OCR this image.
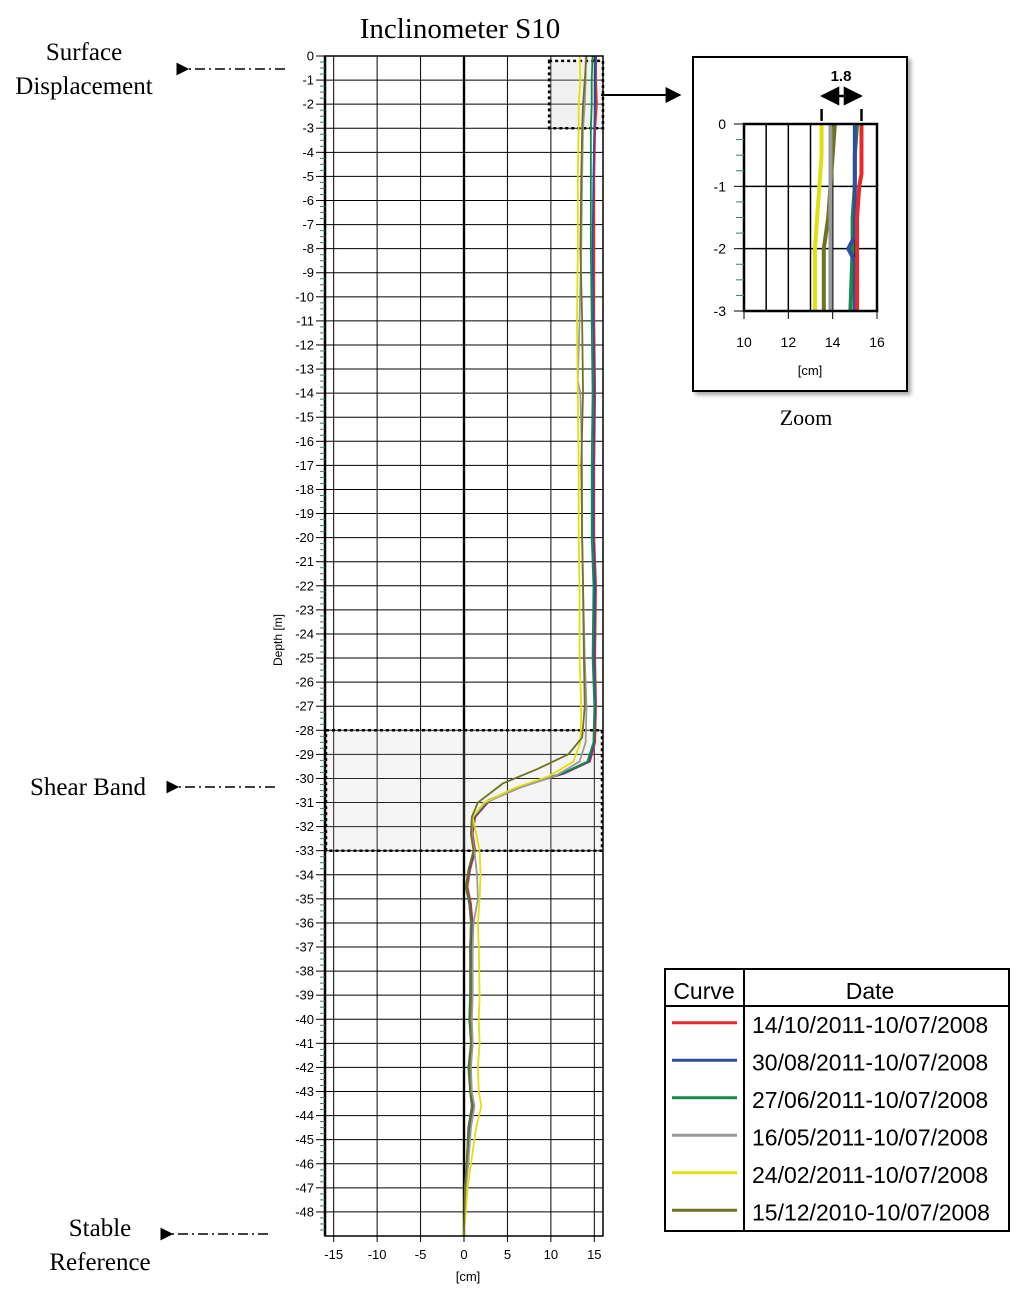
Inclinometer S10
0
-1
-2
-3
-4
-5
-6
-7
-8
-9
-10
-11
-12
-13
-14
-15
-16
-17
-18
-19
-20
-21
-22
-23
-24
-25
-26
-27
-28
-29
-30
-31
-32
-33
-34
-35
-36
-37
-38
-39
-40
-41
-42
-43
-44
-45
-46
-47
-48
-15 -10 -5	0	5	10 15
Depth [m]
[cm]
Surface
Displacement
Shear Band
Stable
Reference
0
-1
-2
-3
10 12 14 16
1.8
[cm]
Zoom
Curve	Date
14/10/2011-10/07/2008
30/08/2011-10/07/2008
27/06/2011-10/07/2008
16/05/2011-10/07/2008
24/02/2011-10/07/2008
15/12/2010-10/07/2008
